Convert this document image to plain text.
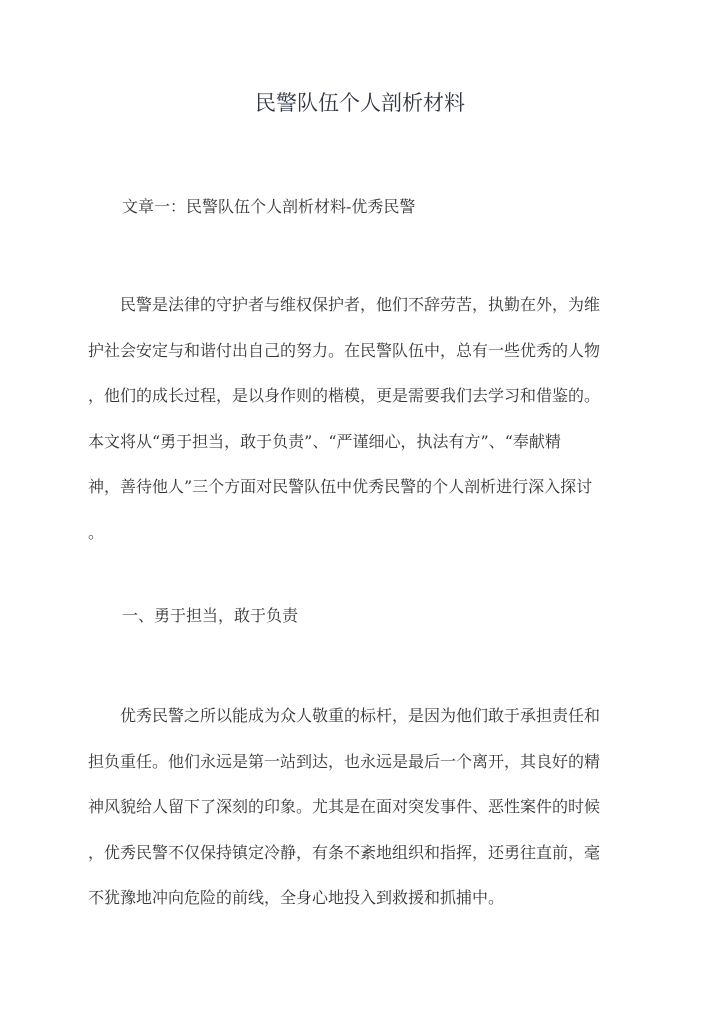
民警队伍个人剖析材料
文章一：民警队伍个人剖析材料-优秀民警
　　民警是法律的守护者与维权保护者，他们不辞劳苦，执勤在外，为维
护社会安定与和谐付出自己的努力。在民警队伍中，总有一些优秀的人物
，他们的成长过程，是以身作则的楷模，更是需要我们去学习和借鉴的。
本文将从“勇于担当，敢于负责”、“严谨细心，执法有方”、“奉献精
神，善待他人”三个方面对民警队伍中优秀民警的个人剖析进行深入探讨
。
一、勇于担当，敢于负责
　　优秀民警之所以能成为众人敬重的标杆，是因为他们敢于承担责任和
担负重任。他们永远是第一站到达，也永远是最后一个离开，其良好的精
神风貌给人留下了深刻的印象。尤其是在面对突发事件、恶性案件的时候
，优秀民警不仅保持镇定冷静，有条不紊地组织和指挥，还勇往直前，毫
不犹豫地冲向危险的前线，全身心地投入到救援和抓捕中。
